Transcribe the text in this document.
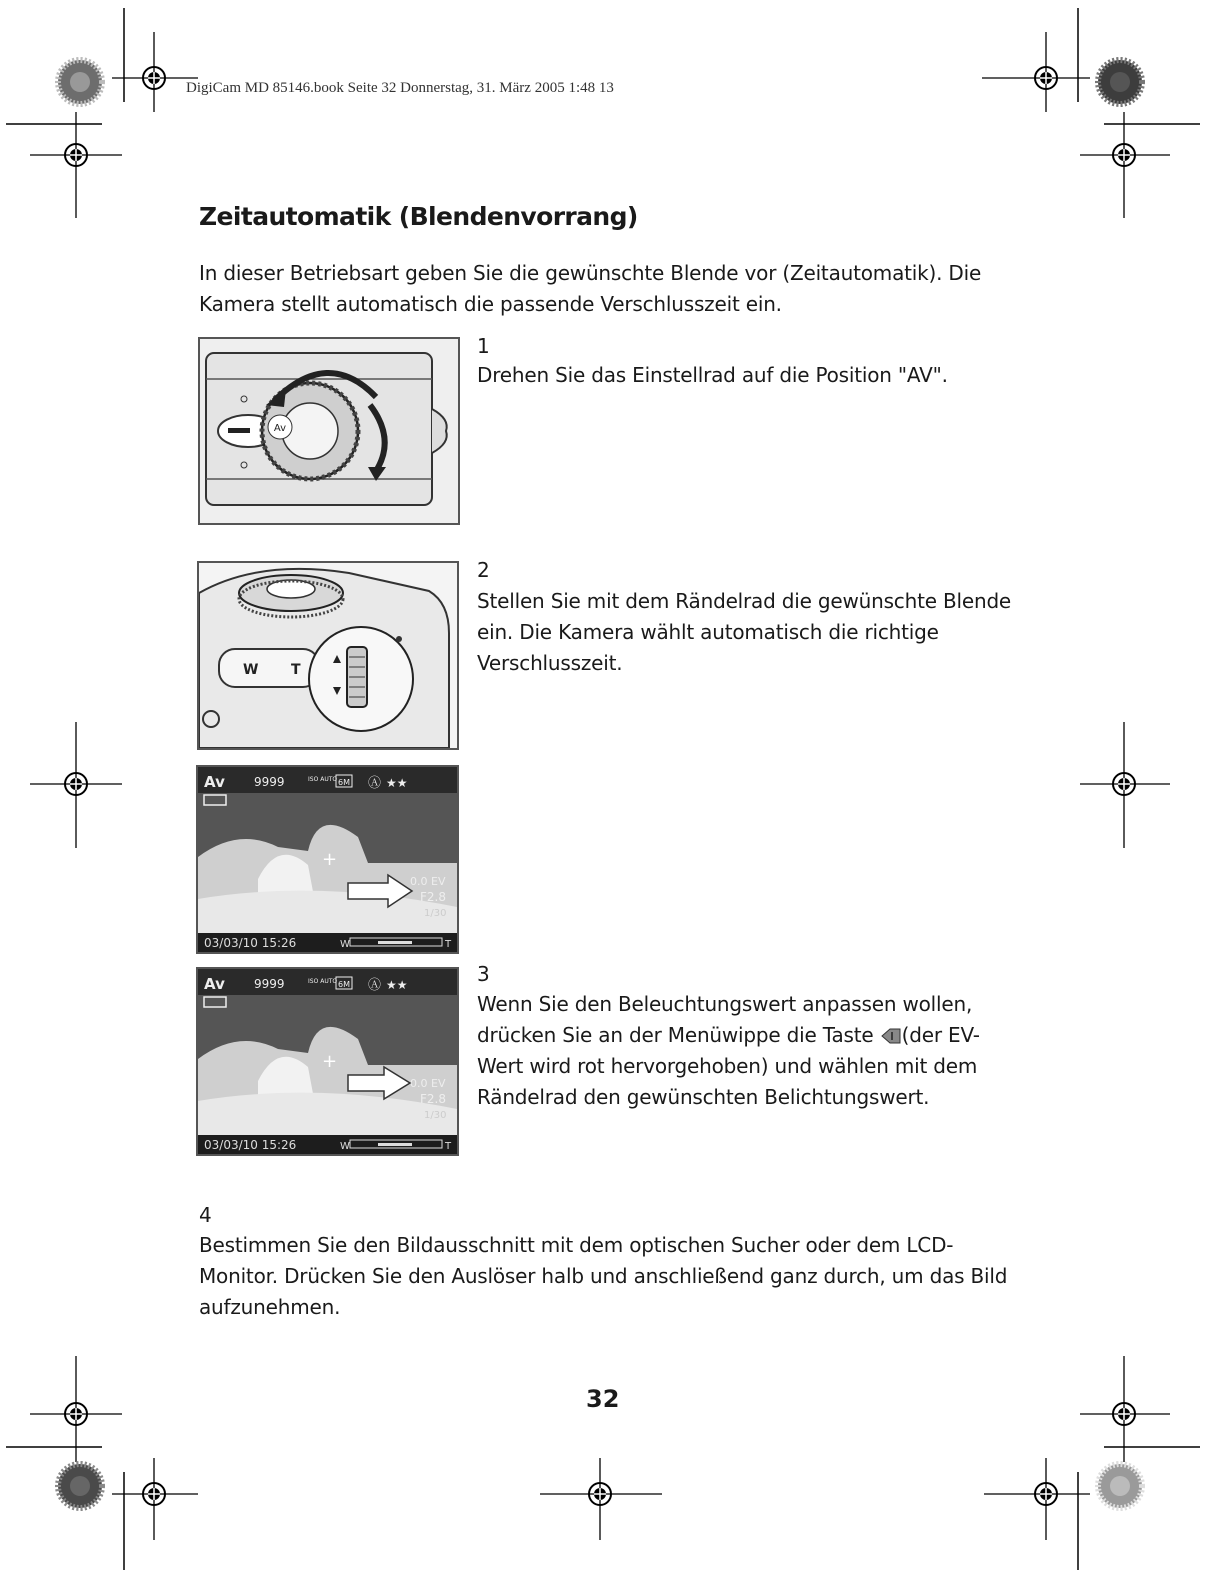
DigiCam MD 85146.book Seite 32 Donnerstag, 31. März 2005 1:48 13
Zeitautomatik (Blendenvorrang)
In dieser Betriebsart geben Sie die gewünschte Blende vor (Zeitautomatik). Die Kamera stellt automatisch die passende Verschlusszeit ein.
Av
1
Drehen Sie das Einstellrad auf die Position "AV".
W T
2
Stellen Sie mit dem Rändelrad die gewünschte Blende ein. Die Kamera wählt automatisch die richtige Verschlusszeit.
Av 9999	ISO AUTO 6M Ⓐ ★★
0.0 EV
F2.8
1/30
+
03/03/10 15:26	W	T
Av 9999	ISO AUTO 6M Ⓐ ★★
0.0 EV
F2.8
1/30
+
03/03/10 15:26	W	T
3
Wenn Sie den Beleuchtungswert anpassen wollen, drücken Sie an der Menüwippe die Taste (der EV-Wert wird rot hervorgehoben) und wählen mit dem Rändelrad den gewünschten Belichtungswert.
4
Bestimmen Sie den Bildausschnitt mit dem optischen Sucher oder dem LCD-Monitor. Drücken Sie den Auslöser halb und anschließend ganz durch, um das Bild aufzunehmen.
32
